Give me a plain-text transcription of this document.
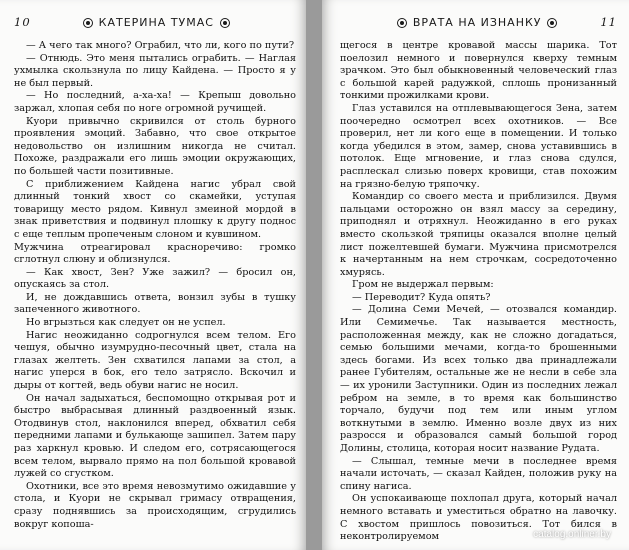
10	КАТЕРИНА ТУМАС

— А чего так много? Ограбил, что ли, кого по пути?

— Отнюдь. Это меня пытались ограбить. — Наглая ухмылка скользнула по лицу Кайдена. — Просто я у не был первый.

— Но последний, а-ха-ха! — Крепыш довольно заржал, хлопая себя по ноге огромной ручищей.

Куори привычно скривился от столь бурного проявления эмоций. Забавно, что свое открытое недовольство он излишним никогда не считал. Похоже, раздражали его лишь эмоции окружающих, по большей части позитивные.

С приближением Кайдена нагис убрал свой длинный тонкий хвост со скамейки, уступая товарищу место рядом. Кивнул змеиной мордой в знак приветствия и подвинул плошку к другу поднос с еще теплым пропеченым слоном и кувшином.

Мужчина отреагировал красноречиво: громко сглотнул слюну и облизнулся.

— Как хвост, Зен? Уже зажил? — бросил он, опускаясь за стол.

И, не дождавшись ответа, вонзил зубы в тушку запеченного животного.

Но вгрызться как следует он не успел.

Нагис неожиданно содрогнулся всем телом. Его чешуя, обычно изумрудно-песочный цвет, стала на глазах желтеть. Зен схватился лапами за стол, а нагис уперся в бок, его тело затрясло. Вскочил и дыры от когтей, ведь обуви нагис не носил.

Он начал задыхаться, беспомощно открывая рот и быстро выбрасывая длинный раздвоенный язык. Отодвинув стол, наклонился вперед, обхватил себя передними лапами и булькающе зашипел. Затем пару раз харкнул кровью. И следом его, сотрясающегося всем телом, вырвало прямо на пол большой кровавой лужей со сгустком.

Охотники, все это время невозмутимо ожидавшие у стола, и Куори не скрывал гримасу отвращения, сразу поднявшись за происходящим, сгрудились вокруг копоша-

ВРАТА НА ИЗНАНКУ	11

щегося в центре кровавой массы шарика. Тот поелозил немного и повернулся кверху темным зрачком. Это был обыкновенный человеческий глаз с большой карей радужкой, сплошь пронизанный тонкими прожилками крови.

Глаз уставился на отплевывающегося Зена, затем поочередно осмотрел всех охотников. — Все проверил, нет ли кого еще в помещении. И только когда убедился в этом, замер, снова уставившись в потолок. Еще мгновение, и глаз снова сдулся, расплескал слизью поверх кровищи, став похожим на грязно-белую тряпочку.

Командир со своего места и приблизился. Двумя пальцами осторожно он взял массу за середину, приподнял и отряхнул. Неожиданно в его руках вместо скользкой тряпицы оказался вполне целый лист пожелтевшей бумаги. Мужчина присмотрелся к начертанным на нем строчкам, сосредоточенно хмурясь.

Гром не выдержал первым:

— Переводит? Куда опять?

— Долина Семи Мечей, — отозвался командир. Или Семимечье. Так называется местность, расположенная между, как не сложно догадаться, семью большими мечами, когда-то брошенными здесь богами. Из всех только два принадлежали ранее Губителям, остальные же не несли в себе зла — их уронили Заступники. Один из последних лежал ребром на земле, в то время как большинство торчало, будучи под тем или иным углом воткнутыми в землю. Именно возле двух из них разросся и образовался самый большой город Долины, столица, которая носит название Рудата.

— Слышал, темные мечи в последнее время начали источать, — сказал Кайден, положив руку на спину нагиса.

Он успокаивающе похлопал друга, который начал немного вставать и уместиться обратно на лавочку. С хвостом пришлось повозиться. Тот бился в неконтролируемом	catalog.onliner.by
